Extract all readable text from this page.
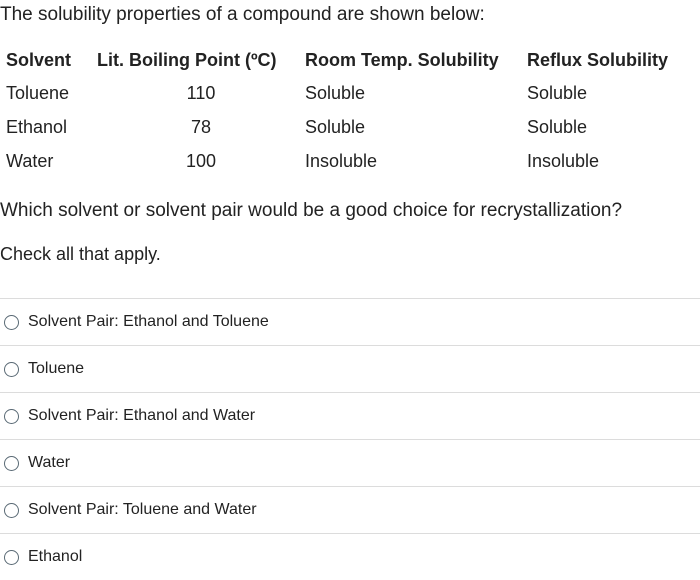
The solubility properties of a compound are shown below:
Solvent	Lit. Boiling Point (ºC)	Room Temp. Solubility	Reflux Solubility
Toluene	110	Soluble	Soluble
Ethanol	78	Soluble	Soluble
Water	100	Insoluble	Insoluble
Which solvent or solvent pair would be a good choice for recrystallization?
Check all that apply.
Solvent Pair: Ethanol and Toluene
Toluene
Solvent Pair: Ethanol and Water
Water
Solvent Pair: Toluene and Water
Ethanol
